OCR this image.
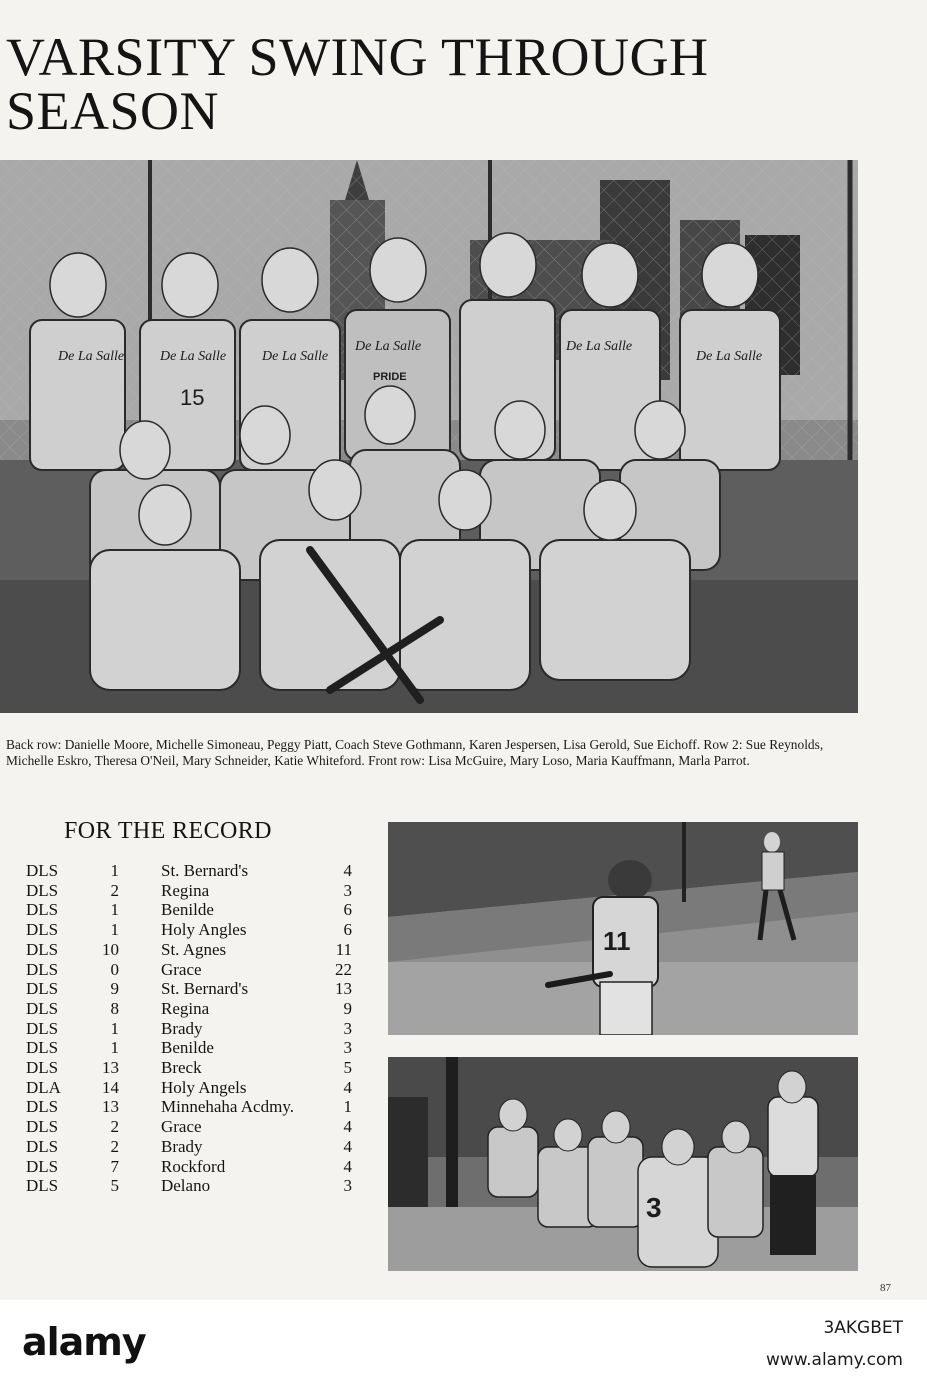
VARSITY SWING THROUGH SEASON
De La Salle	De La Salle	De La Salle
De La Salle	De La Salle
De La Salle
15
PRIDE

Back row: Danielle Moore, Michelle Simoneau, Peggy Piatt, Coach Steve Gothmann, Karen Jespersen, Lisa Gerold, Sue Eichoff. Row 2: Sue Reynolds, Michelle Eskro, Theresa O'Neil, Mary Schneider, Katie Whiteford. Front row: Lisa McGuire, Mary Loso, Maria Kauffmann, Marla Parrot.

FOR THE RECORD
DLS	1	St. Bernard's	4
DLS	2	Regina	3
DLS	1	Benilde	6
DLS	1	Holy Angles	6
DLS	10	St. Agnes	11
DLS	0	Grace	22
DLS	9	St. Bernard's	13
DLS	8	Regina	9
DLS	1	Brady	3
DLS	1	Benilde	3
DLS	13	Breck	5
DLA	14	Holy Angels	4
DLS	13	Minnehaha Acdmy.	1
DLS	2	Grace	4
DLS	2	Brady	4
DLS	7	Rockford	4
DLS	5	Delano	3
11
3
87
alamy	3AKGBET
www.alamy.com
